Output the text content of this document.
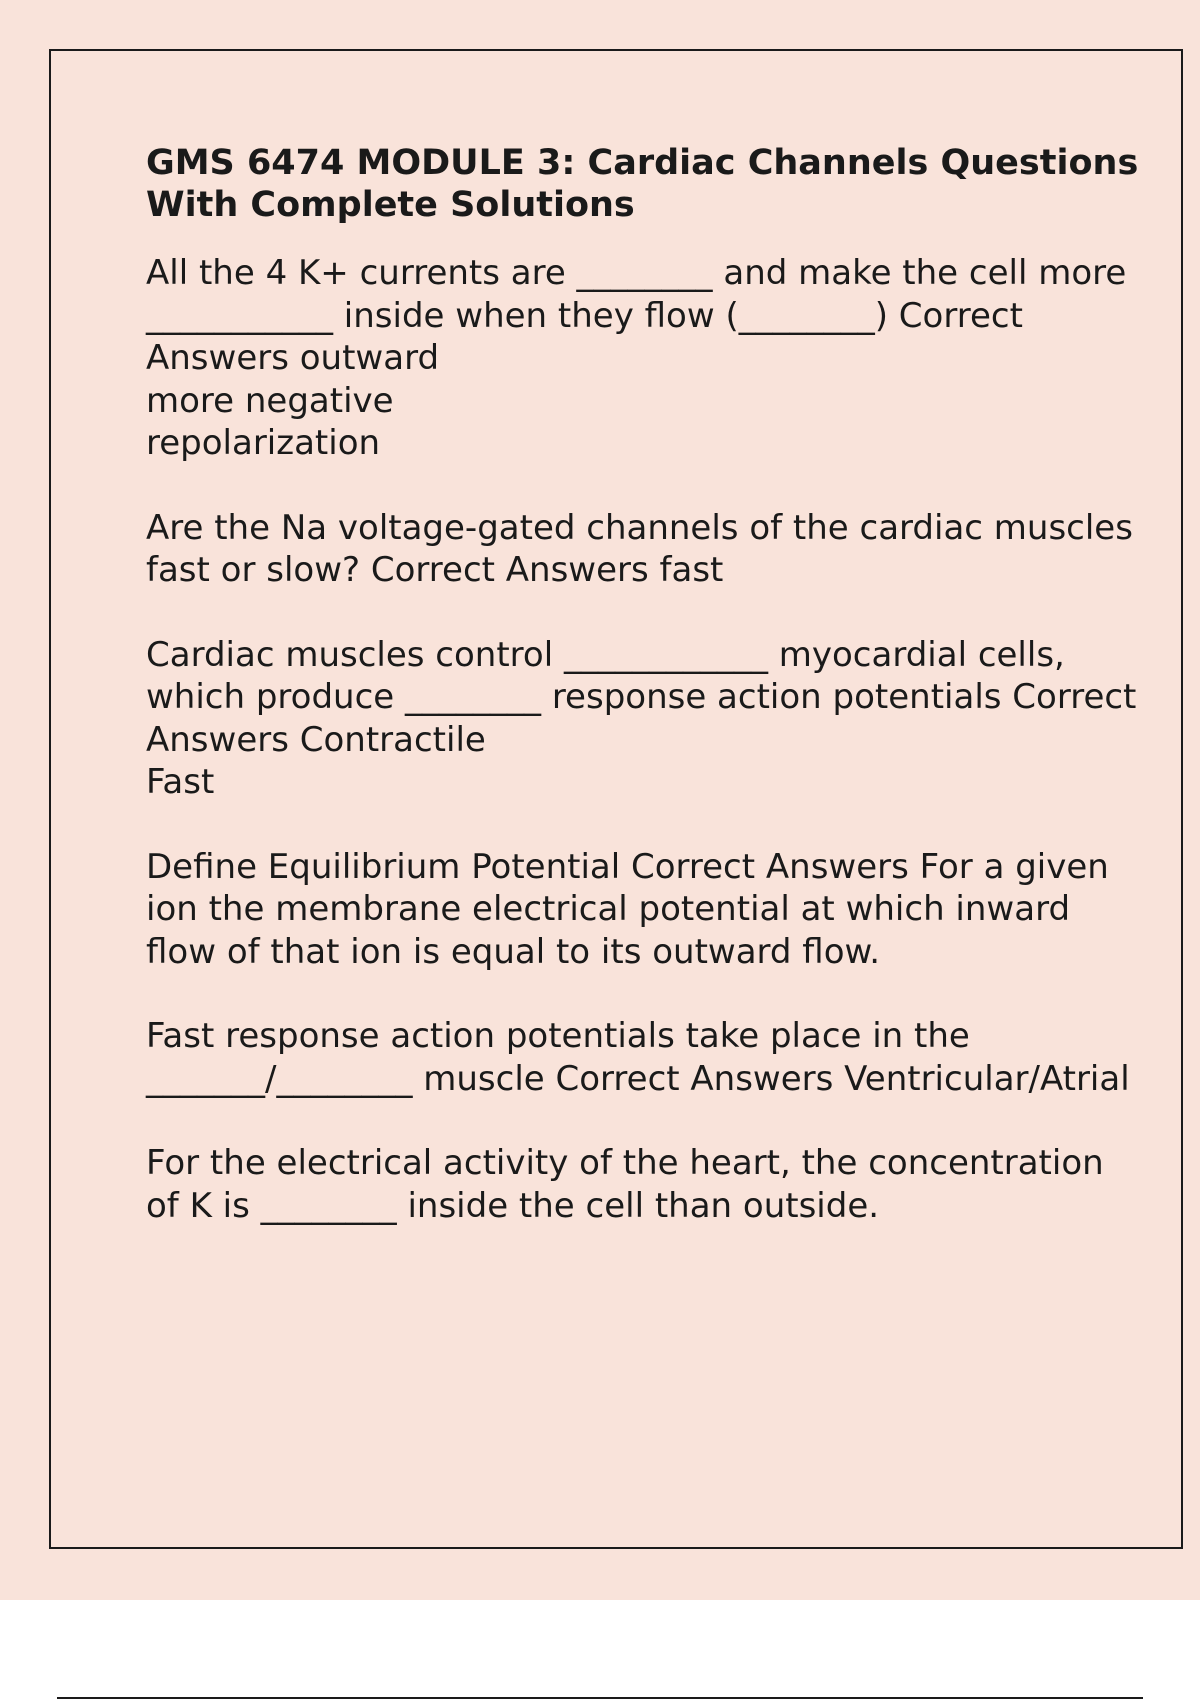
GMS 6474 MODULE 3: Cardiac Channels Questions With Complete Solutions
All the 4 K+ currents are ________ and make the cell more ___________ inside when they flow (________) Correct Answers outward
more negative
repolarization
Are the Na voltage-gated channels of the cardiac muscles fast or slow? Correct Answers fast
Cardiac muscles control ____________ myocardial cells, which produce ________ response action potentials Correct Answers Contractile
Fast
Define Equilibrium Potential Correct Answers For a given ion the membrane electrical potential at which inward flow of that ion is equal to its outward flow.
Fast response action potentials take place in the _______/________ muscle Correct Answers Ventricular/Atrial
For the electrical activity of the heart, the concentration of K is ________ inside the cell than outside.
